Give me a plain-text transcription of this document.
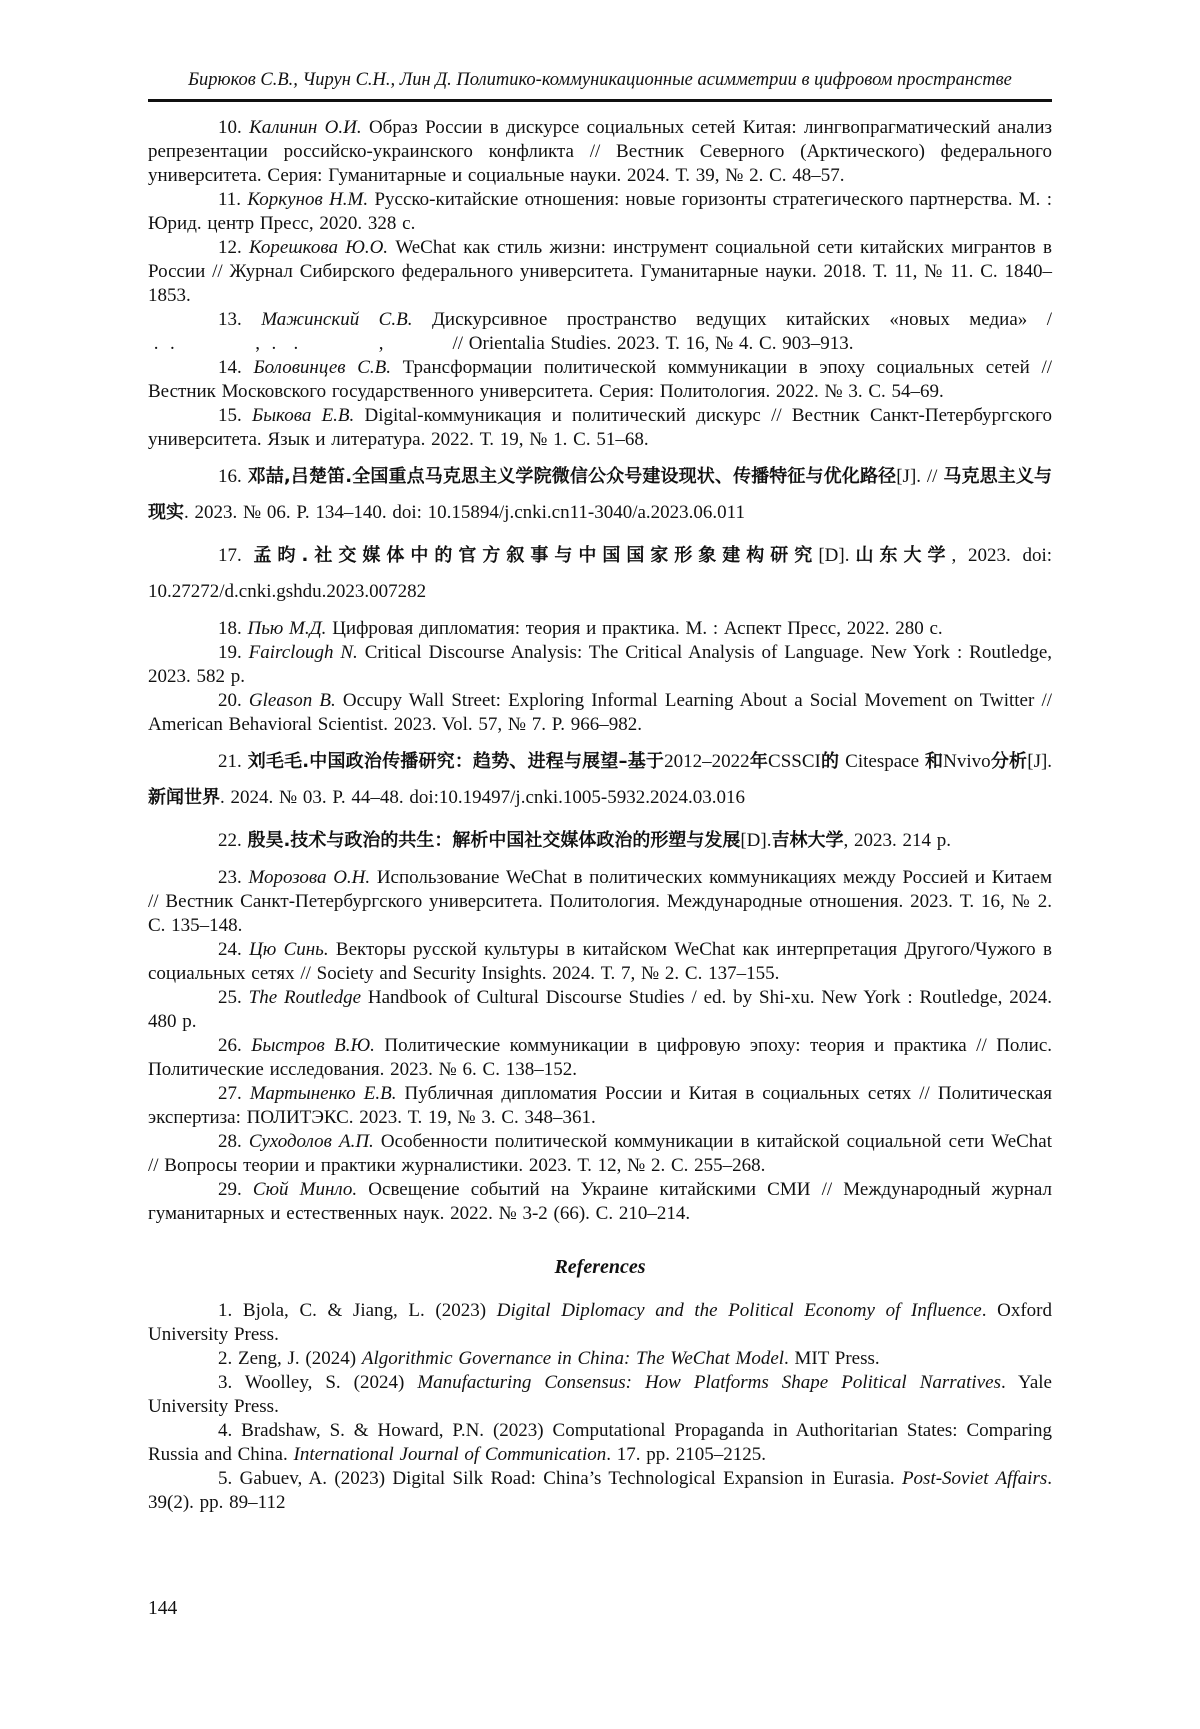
Бирюков С.В., Чирун С.Н., Лин Д. Политико-коммуникационные асимметрии в цифровом пространстве

10. Калинин О.И. Образ России в дискурсе социальных сетей Китая: лингвопрагматический анализ репрезентации российско-украинского конфликта // Вестник Северного (Арктического) федерального университета. Серия: Гуманитарные и социальные науки. 2024. Т. 39, № 2. С. 48–57.

11. Коркунов Н.М. Русско-китайские отношения: новые горизонты стратегического партнерства. М. : Юрид. центр Пресс, 2020. 328 с.

12. Корешкова Ю.О. WeChat как стиль жизни: инструмент социальной сети китайских мигрантов в России // Журнал Сибирского федерального университета. Гуманитарные науки. 2018. Т. 11, № 11. С. 1840–1853.

13. Мажинский С.В. Дискурсивное пространство ведущих китайских «новых медиа» /

.  .              ,  .   .              ,            // Orientalia Studies. 2023. Т. 16, № 4. С. 903–913.

14. Боловинцев С.В. Трансформации политической коммуникации в эпоху социальных сетей // Вестник Московского государственного университета. Серия: Политология. 2022. № 3. С. 54–69.

15. Быкова Е.В. Digital-коммуникация и политический дискурс // Вестник Санкт-Петербургского университета. Язык и литература. 2022. Т. 19, № 1. С. 51–68.

16. 邓喆,吕楚笛.全国重点马克思主义学院微信公众号建设现状、传播特征与优化路径[J]. // 马克思主义与现实. 2023. № 06. P. 134–140. doi: 10.15894/j.cnki.cn11-3040/a.2023.06.011

17. 孟昀.社交媒体中的官方叙事与中国国家形象建构研究[D].山东大学, 2023. doi: 10.27272/d.cnki.gshdu.2023.007282

18. Пью М.Д. Цифровая дипломатия: теория и практика. М. : Аспект Пресс, 2022. 280 с.

19. Fairclough N. Critical Discourse Analysis: The Critical Analysis of Language. New York : Routledge, 2023. 582 p.

20. Gleason B. Occupy Wall Street: Exploring Informal Learning About a Social Movement on Twitter // American Behavioral Scientist. 2023. Vol. 57, № 7. P. 966–982.

21. 刘毛毛.中国政治传播研究：趋势、进程与展望–基于2012–2022年CSSCI的 Citespace 和Nvivo分析[J].新闻世界. 2024. № 03. P. 44–48. doi:10.19497/j.cnki.1005-5932.2024.03.016

22. 殷昊.技术与政治的共生：解析中国社交媒体政治的形塑与发展[D].吉林大学, 2023. 214 p.

23. Морозова О.Н. Использование WeChat в политических коммуникациях между Россией и Китаем // Вестник Санкт-Петербургского университета. Политология. Международные отношения. 2023. Т. 16, № 2. С. 135–148.

24. Цю Синь. Векторы русской культуры в китайском WeChat как интерпретация Другого/Чужого в социальных сетях // Society and Security Insights. 2024. Т. 7, № 2. С. 137–155.

25. The Routledge Handbook of Cultural Discourse Studies / ed. by Shi-xu. New York : Routledge, 2024. 480 p.

26. Быстров В.Ю. Политические коммуникации в цифровую эпоху: теория и практика // Полис. Политические исследования. 2023. № 6. С. 138–152.

27. Мартыненко Е.В. Публичная дипломатия России и Китая в социальных сетях // Политическая экспертиза: ПОЛИТЭКС. 2023. Т. 19, № 3. С. 348–361.

28. Суходолов А.П. Особенности политической коммуникации в китайской социальной сети WeChat // Вопросы теории и практики журналистики. 2023. Т. 12, № 2. С. 255–268.

29. Сюй Минло. Освещение событий на Украине китайскими СМИ // Международный журнал гуманитарных и естественных наук. 2022. № 3-2 (66). С. 210–214.

References

1. Bjola, C. & Jiang, L. (2023) Digital Diplomacy and the Political Economy of Influence. Oxford University Press.

2. Zeng, J. (2024) Algorithmic Governance in China: The WeChat Model. MIT Press.

3. Woolley, S. (2024) Manufacturing Consensus: How Platforms Shape Political Narratives. Yale University Press.

4. Bradshaw, S. & Howard, P.N. (2023) Computational Propaganda in Authoritarian States: Comparing Russia and China. International Journal of Communication. 17. pp. 2105–2125.

5. Gabuev, A. (2023) Digital Silk Road: China’s Technological Expansion in Eurasia. Post-Soviet Affairs. 39(2). pp. 89–112

144
